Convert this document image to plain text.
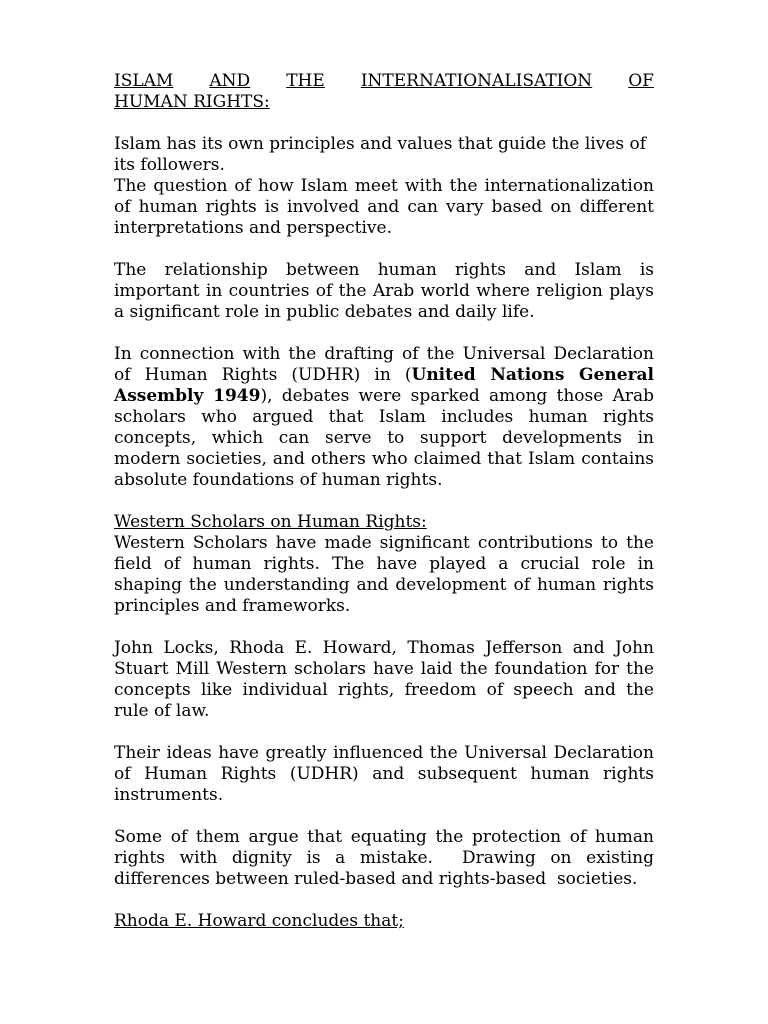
ISLAM AND THE INTERNATIONALISATION OF

HUMAN RIGHTS:

Islam has its own principles and values that guide the lives of its followers.

The question of how Islam meet with the internationalization of human rights is involved and can vary based on different interpretations and perspective.

The relationship between human rights and Islam is important in countries of the Arab world where religion plays a significant role in public debates and daily life.

In connection with the drafting of the Universal Declaration of Human Rights (UDHR) in (United Nations General Assembly 1949), debates were sparked among those Arab scholars who argued that Islam includes human rights concepts, which can serve to support developments in modern societies, and others who claimed that Islam contains absolute foundations of human rights.

Western Scholars on Human Rights:

Western Scholars have made significant contributions to the field of human rights. The have played a crucial role in shaping the understanding and development of human rights principles and frameworks.

John Locks, Rhoda E. Howard, Thomas Jefferson and John Stuart Mill Western scholars have laid the foundation for the concepts like individual rights, freedom of speech and the rule of law.

Their ideas have greatly influenced the Universal Declaration of Human Rights (UDHR) and subsequent human rights instruments.

Some of them argue that equating the protection of human rights with dignity is a mistake.  Drawing on existing differences between ruled-based and rights-based  societies.

Rhoda E. Howard concludes that;
